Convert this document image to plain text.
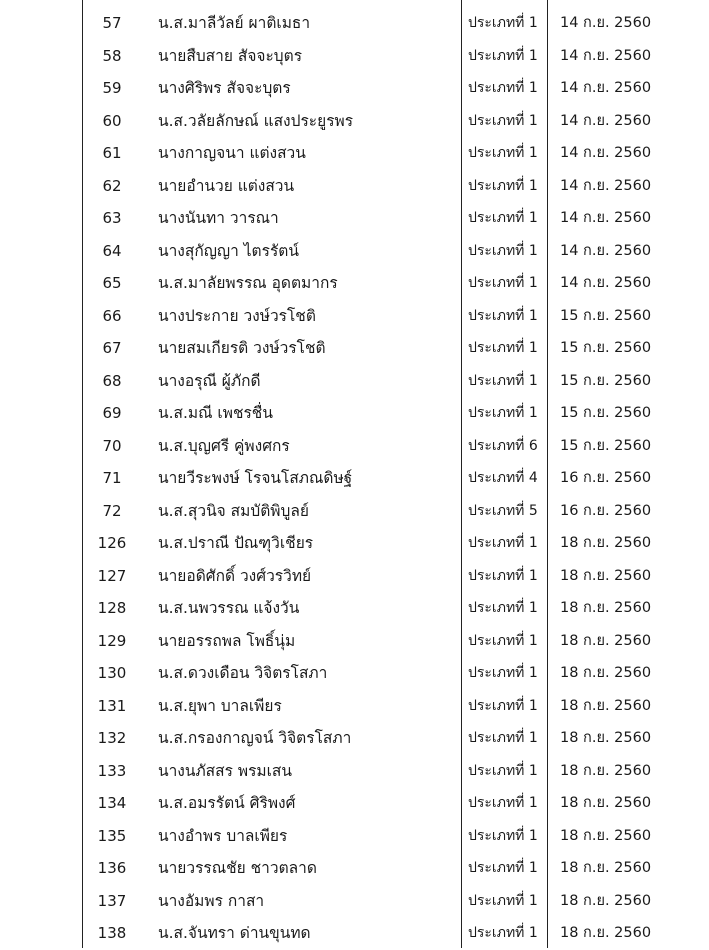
57	น.ส.มาลีวัลย์ ผาติเมธา	ประเภทที่ 1	14 ก.ย. 2560
58	นายสืบสาย สัจจะบุตร	ประเภทที่ 1	14 ก.ย. 2560
59	นางศิริพร สัจจะบุตร	ประเภทที่ 1	14 ก.ย. 2560
60	น.ส.วลัยลักษณ์ แสงประยูรพร	ประเภทที่ 1	14 ก.ย. 2560
61	นางกาญจนา แต่งสวน	ประเภทที่ 1	14 ก.ย. 2560
62	นายอำนวย แต่งสวน	ประเภทที่ 1	14 ก.ย. 2560
63	นางนันทา วารณา	ประเภทที่ 1	14 ก.ย. 2560
64	นางสุกัญญา ไตรรัตน์	ประเภทที่ 1	14 ก.ย. 2560
65	น.ส.มาลัยพรรณ อุดตมากร	ประเภทที่ 1	14 ก.ย. 2560
66	นางประกาย วงษ์วรโชติ	ประเภทที่ 1	15 ก.ย. 2560
67	นายสมเกียรติ วงษ์วรโชติ	ประเภทที่ 1	15 ก.ย. 2560
68	นางอรุณี ผู้ภักดี	ประเภทที่ 1	15 ก.ย. 2560
69	น.ส.มณี เพชรชื่น	ประเภทที่ 1	15 ก.ย. 2560
70	น.ส.บุญศรี คู่พงศกร	ประเภทที่ 6	15 ก.ย. 2560
71	นายวีระพงษ์ โรจนโสภณดิษฐ์	ประเภทที่ 4	16 ก.ย. 2560
72	น.ส.สุวนิจ สมบัติพิบูลย์	ประเภทที่ 5	16 ก.ย. 2560
126	น.ส.ปราณี ปัณฑุวิเชียร	ประเภทที่ 1	18 ก.ย. 2560
127	นายอดิศักดิ์ วงศ์วรวิทย์	ประเภทที่ 1	18 ก.ย. 2560
128	น.ส.นพวรรณ แจ้งวัน	ประเภทที่ 1	18 ก.ย. 2560
129	นายอรรถพล โพธิ์นุ่ม	ประเภทที่ 1	18 ก.ย. 2560
130	น.ส.ดวงเดือน วิจิตรโสภา	ประเภทที่ 1	18 ก.ย. 2560
131	น.ส.ยุพา บาลเพียร	ประเภทที่ 1	18 ก.ย. 2560
132	น.ส.กรองกาญจน์ วิจิตรโสภา	ประเภทที่ 1	18 ก.ย. 2560
133	นางนภัสสร พรมเสน	ประเภทที่ 1	18 ก.ย. 2560
134	น.ส.อมรรัตน์ ศิริพงศ์	ประเภทที่ 1	18 ก.ย. 2560
135	นางอำพร บาลเพียร	ประเภทที่ 1	18 ก.ย. 2560
136	นายวรรณชัย ชาวตลาด	ประเภทที่ 1	18 ก.ย. 2560
137	นางอัมพร กาสา	ประเภทที่ 1	18 ก.ย. 2560
138	น.ส.จันทรา ด่านขุนทด	ประเภทที่ 1	18 ก.ย. 2560
